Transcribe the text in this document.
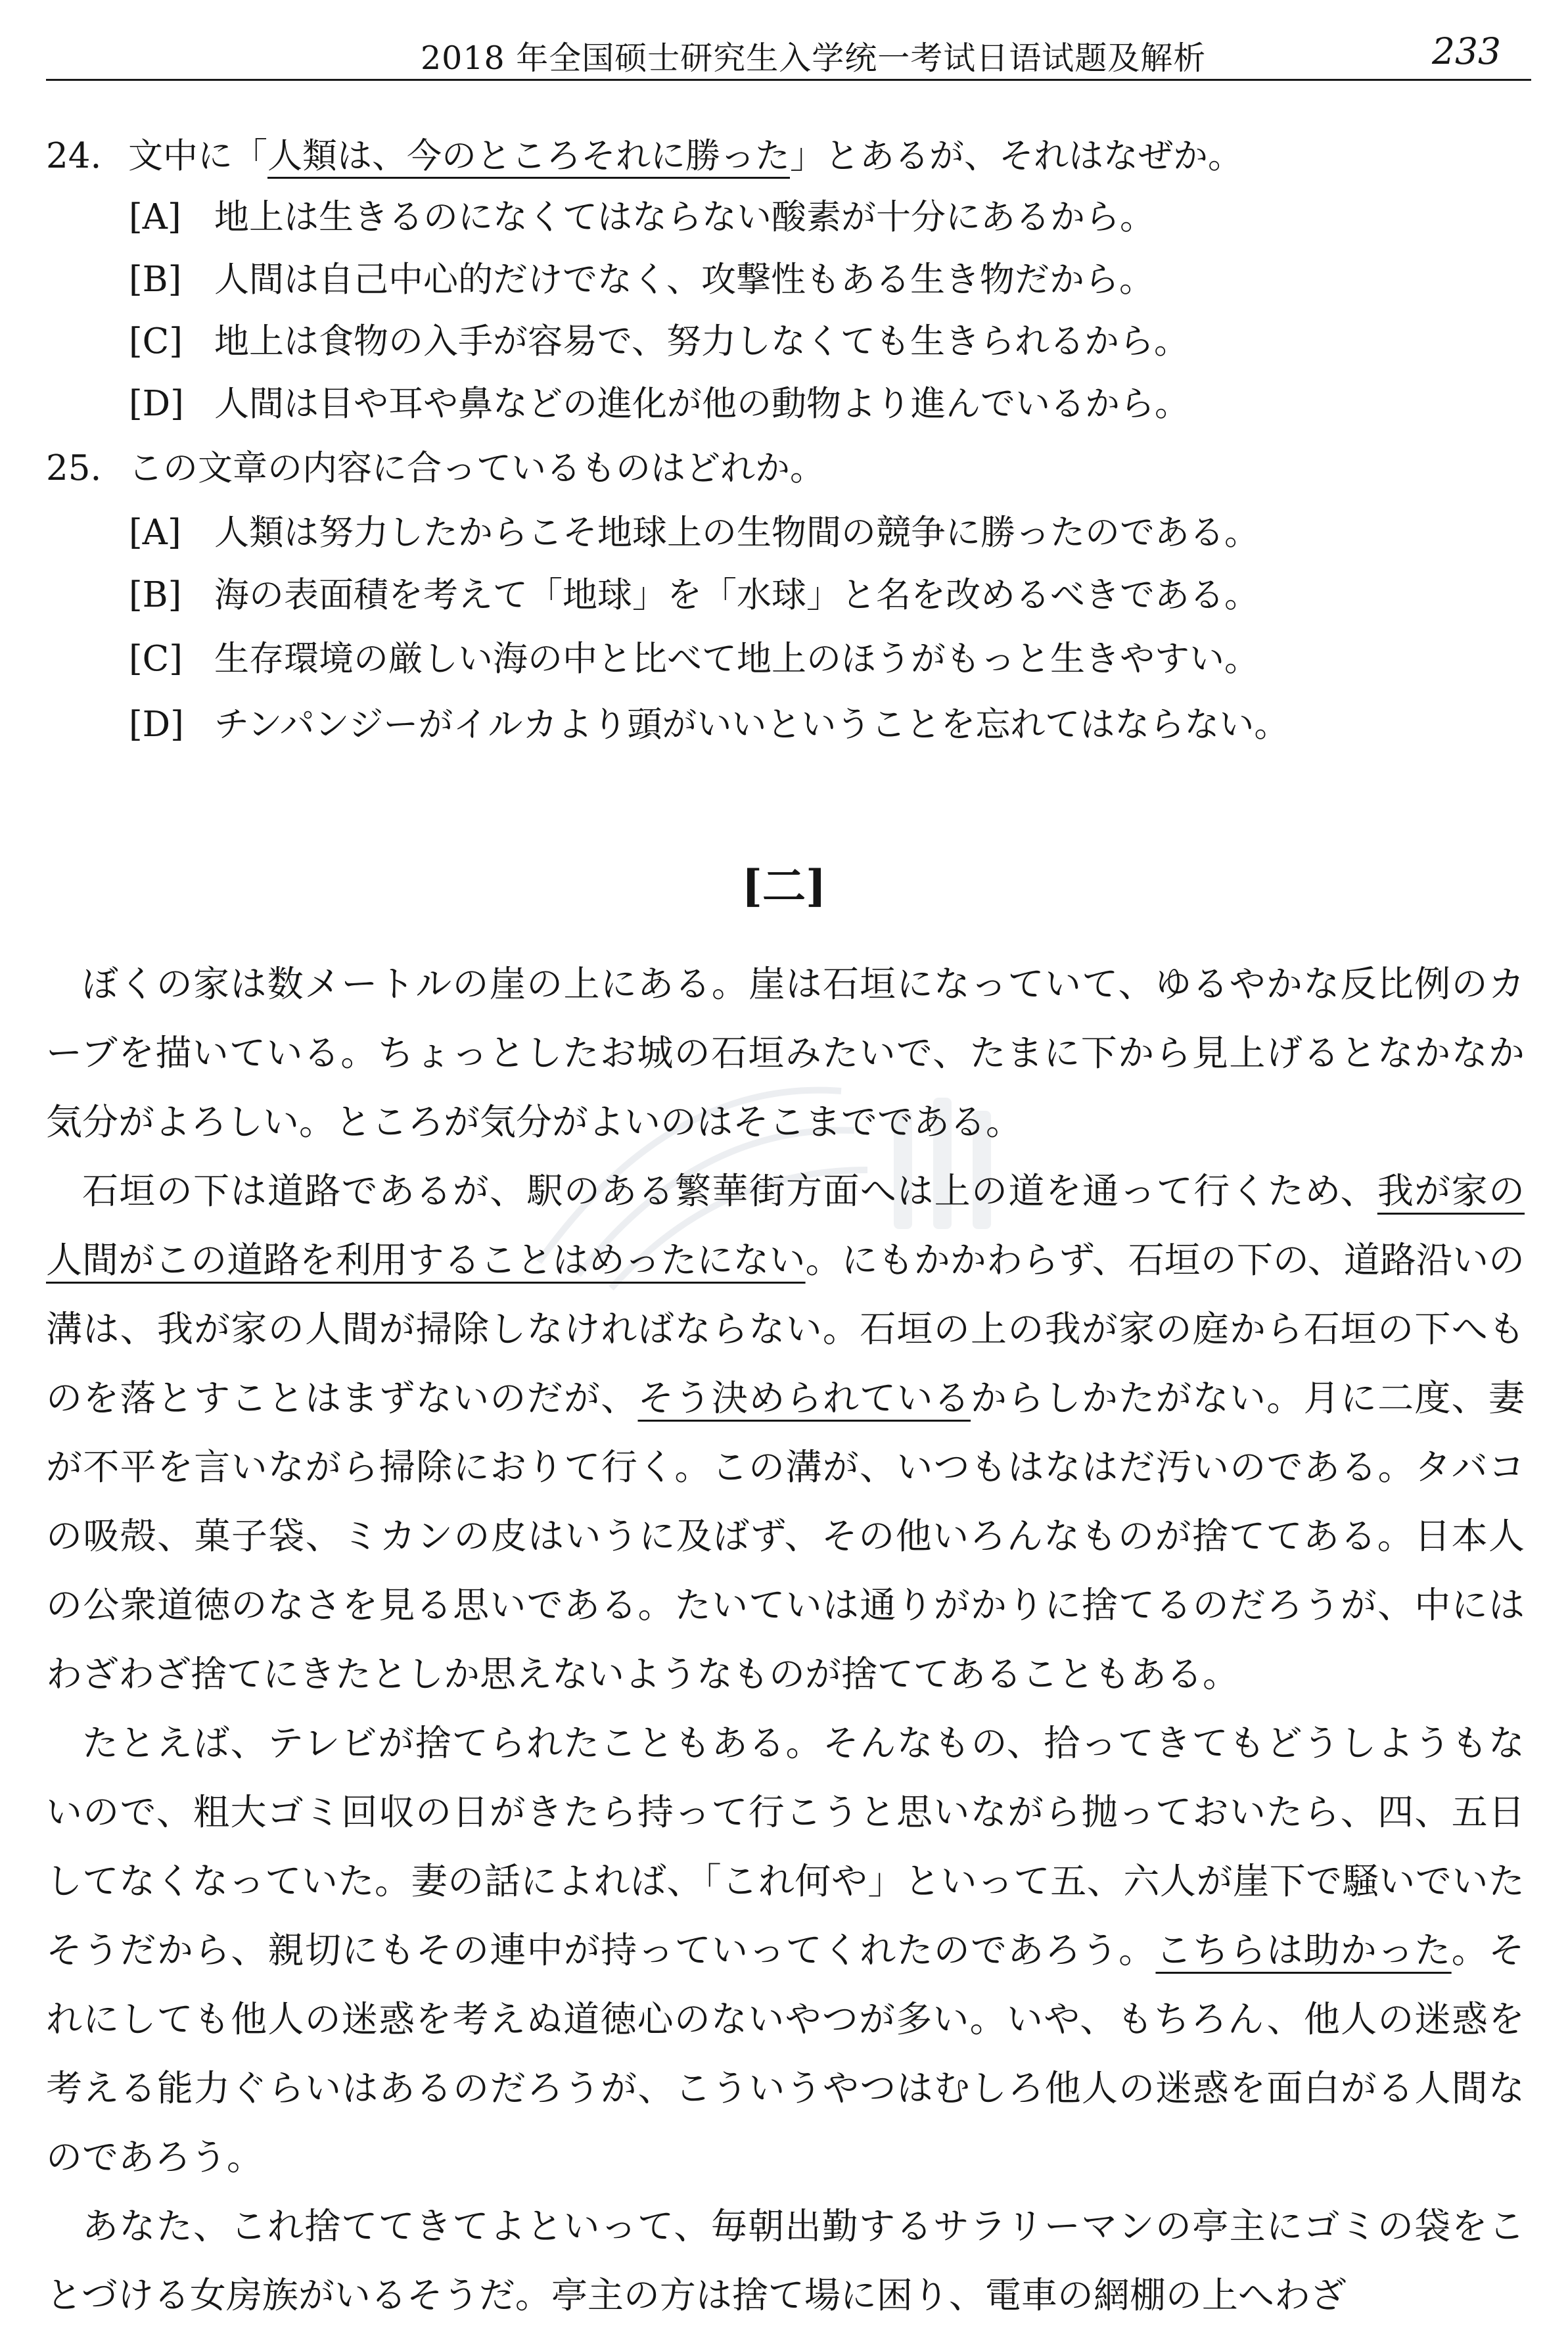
2018 年全国硕士研究生入学统一考试日语试题及解析	233
24. 文中に「人類は、今のところそれに勝った」とあるが、それはなぜか。
[A] 地上は生きるのになくてはならない酸素が十分にあるから。
[B] 人間は自己中心的だけでなく、攻撃性もある生き物だから。
[C] 地上は食物の入手が容易で、努力しなくても生きられるから。
[D] 人間は目や耳や鼻などの進化が他の動物より進んでいるから。
25. この文章の内容に合っているものはどれか。
[A] 人類は努力したからこそ地球上の生物間の競争に勝ったのである。
[B] 海の表面積を考えて「地球」を「水球」と名を改めるべきである。
[C] 生存環境の厳しい海の中と比べて地上のほうがもっと生きやすい。
[D] チンパンジーがイルカより頭がいいということを忘れてはならない。
[二]

ぼくの家は数メートルの崖の上にある。崖は石垣になっていて、ゆるやかな反比例のカーブを描いている。ちょっとしたお城の石垣みたいで、たまに下から見上げるとなかなか気分がよろしい。ところが気分がよいのはそこまでである。

石垣の下は道路であるが、駅のある繁華街方面へは上の道を通って行くため、我が家の人間がこの道路を利用することはめったにない。にもかかわらず、石垣の下の、道路沿いの溝は、我が家の人間が掃除しなければならない。石垣の上の我が家の庭から石垣の下へものを落とすことはまずないのだが、そう決められているからしかたがない。月に二度、妻が不平を言いながら掃除におりて行く。この溝が、いつもはなはだ汚いのである。タバコの吸殻、菓子袋、ミカンの皮はいうに及ばず、その他いろんなものが捨ててある。日本人の公衆道徳のなさを見る思いである。たいていは通りがかりに捨てるのだろうが、中にはわざわざ捨てにきたとしか思えないようなものが捨ててあることもある。

たとえば、テレビが捨てられたこともある。そんなもの、拾ってきてもどうしようもないので、粗大ゴミ回収の日がきたら持って行こうと思いながら抛っておいたら、四、五日してなくなっていた。妻の話によれば、「これ何や」といって五、六人が崖下で騒いでいたそうだから、親切にもその連中が持っていってくれたのであろう。こちらは助かった。それにしても他人の迷惑を考えぬ道徳心のないやつが多い。いや、もちろん、他人の迷惑を考える能力ぐらいはあるのだろうが、こういうやつはむしろ他人の迷惑を面白がる人間なのであろう。

あなた、これ捨ててきてよといって、毎朝出勤するサラリーマンの亭主にゴミの袋をことづける女房族がいるそうだ。亭主の方は捨て場に困り、電車の網棚の上へわざ
